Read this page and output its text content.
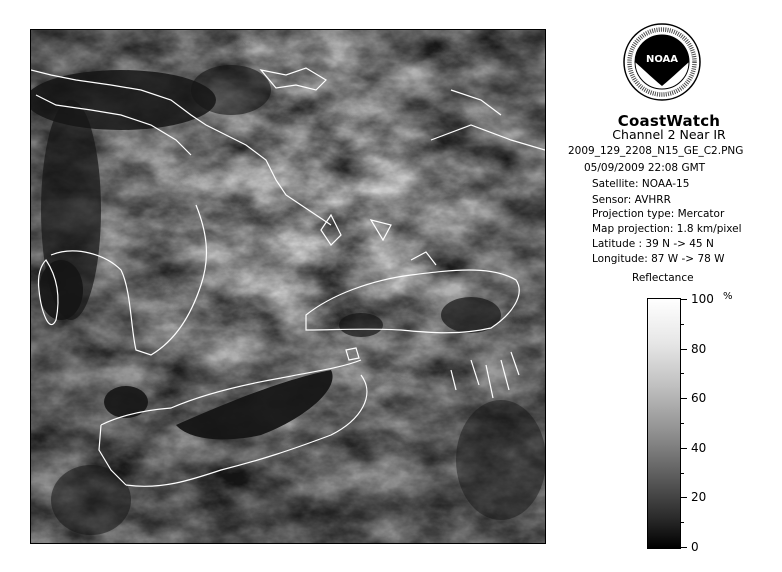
NOAA
CoastWatch
Channel 2 Near IR
2009_129_2208_N15_GE_C2.PNG
05/09/2009 22:08 GMT
Satellite: NOAA-15
Sensor: AVHRR
Projection type: Mercator
Map projection: 1.8 km/pixel
Latitude : 39 N -> 45 N
Longitude: 87 W -> 78 W
Reflectance
%
100
80
60
40
20
0
